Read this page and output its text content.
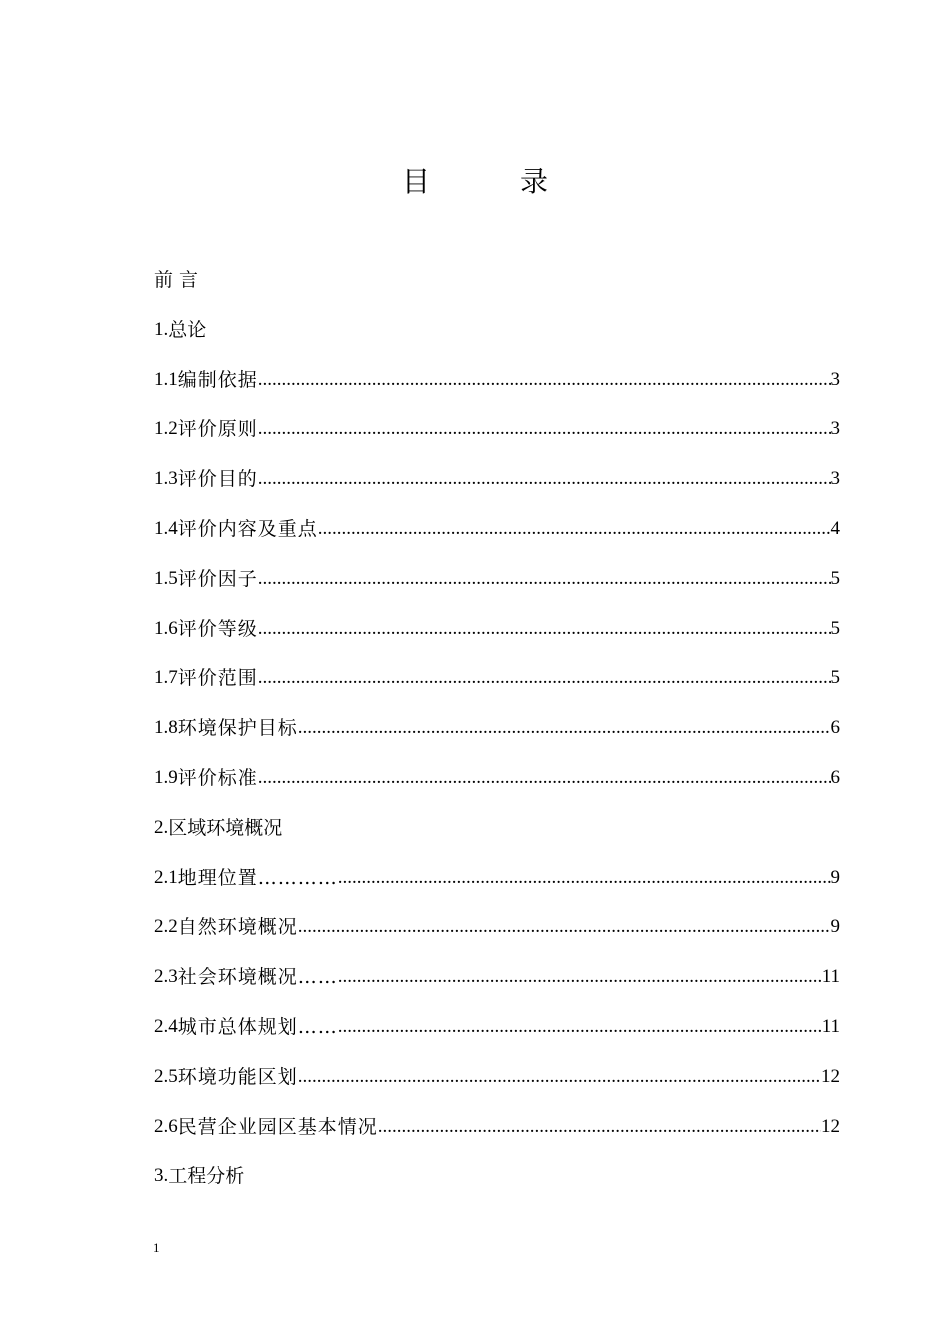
目	录
前 言
1. 总论
1.1 编制依据 .....	3
1.2 评价原则 .....	3
1.3 评价目的 .....	3
1.4 评价内容及重点 .....	4
1.5 评价因子 .....	5
1.6 评价等级 .....	5
1.7 评价范围 .....	5
1.8 环境保护目标 .....	6
1.9 评价标准 .....	6
2. 区域环境概况
2.1 地理位置………… .....	9
2.2 自然环境概况 .....	9
2.3 社会环境概况…… .....	11
2.4 城市总体规划…… .....	11
2.5 环境功能区划 .....	12
2.6 民营企业园区基本情况 .....	12
3. 工程分析
1
